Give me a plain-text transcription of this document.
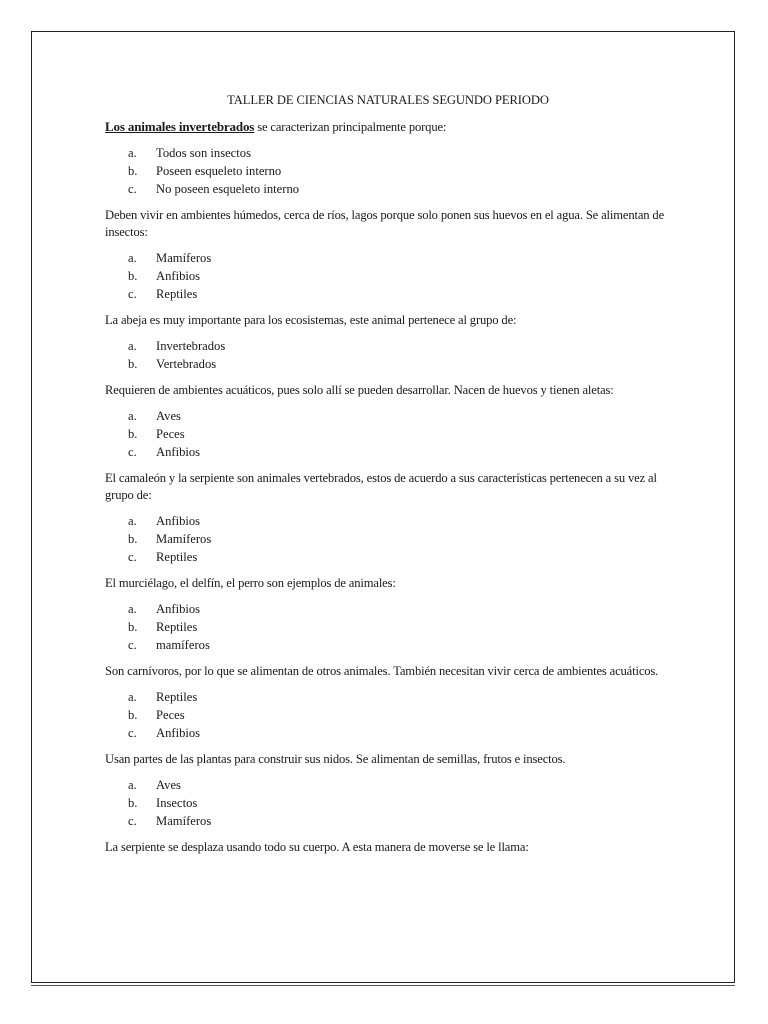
TALLER DE CIENCIAS NATURALES SEGUNDO PERIODO
Los animales invertebrados se caracterizan principalmente porque:
a.	Todos son insectos
b.	Poseen esqueleto interno
c.	No poseen esqueleto interno
Deben vivir en ambientes húmedos, cerca de ríos, lagos porque solo ponen sus huevos en el agua. Se alimentan de insectos:
a.	Mamíferos
b.	Anfibios
c.	Reptiles
La abeja es muy importante para los ecosistemas, este animal pertenece al grupo de:
a.	Invertebrados
b.	Vertebrados
Requieren de ambientes acuáticos, pues solo allí se pueden desarrollar. Nacen de huevos y tienen aletas:
a.	Aves
b.	Peces
c.	Anfibios
El camaleón y la serpiente son animales vertebrados, estos de acuerdo a sus características pertenecen a su vez al grupo de:
a.	Anfibios
b.	Mamíferos
c.	Reptiles
El murciélago, el delfín, el perro son ejemplos de animales:
a.	Anfibios
b.	Reptiles
c.	mamíferos
Son carnívoros, por lo que se alimentan de otros animales. También necesitan vivir cerca de ambientes acuáticos.
a.	Reptiles
b.	Peces
c.	Anfibios
Usan partes de las plantas para construir sus nidos. Se alimentan de semillas, frutos e insectos.
a.	Aves
b.	Insectos
c.	Mamíferos
La serpiente se desplaza usando todo su cuerpo. A esta manera de moverse se le llama:
